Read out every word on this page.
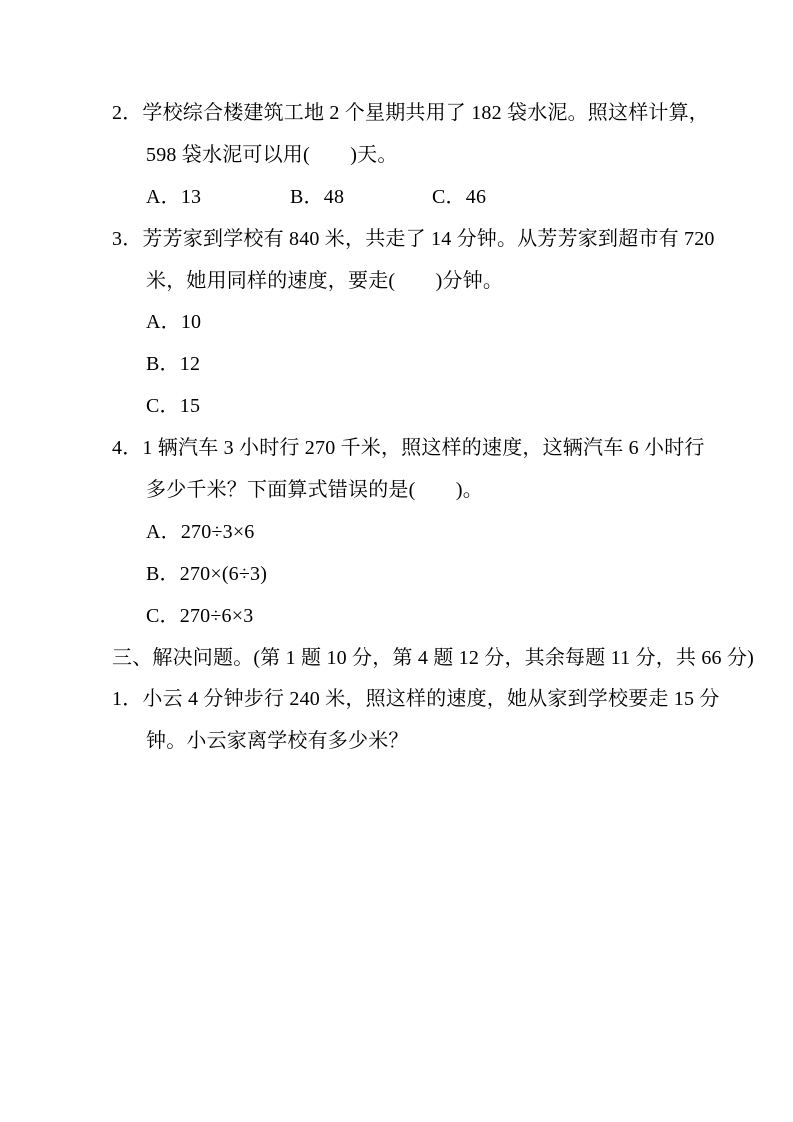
2．学校综合楼建筑工地 2 个星期共用了 182 袋水泥。照这样计算，
598 袋水泥可以用(　　)天。
A．13	B．48	C．46
3．芳芳家到学校有 840 米，共走了 14 分钟。从芳芳家到超市有 720
米，她用同样的速度，要走(　　)分钟。
A．10
B．12
C．15
4．1 辆汽车 3 小时行 270 千米，照这样的速度，这辆汽车 6 小时行
多少千米？下面算式错误的是(　　)。
A．270÷3×6
B．270×(6÷3)
C．270÷6×3
三、解决问题。(第 1 题 10 分，第 4 题 12 分，其余每题 11 分，共 66 分)
1．小云 4 分钟步行 240 米，照这样的速度，她从家到学校要走 15 分
钟。小云家离学校有多少米？
